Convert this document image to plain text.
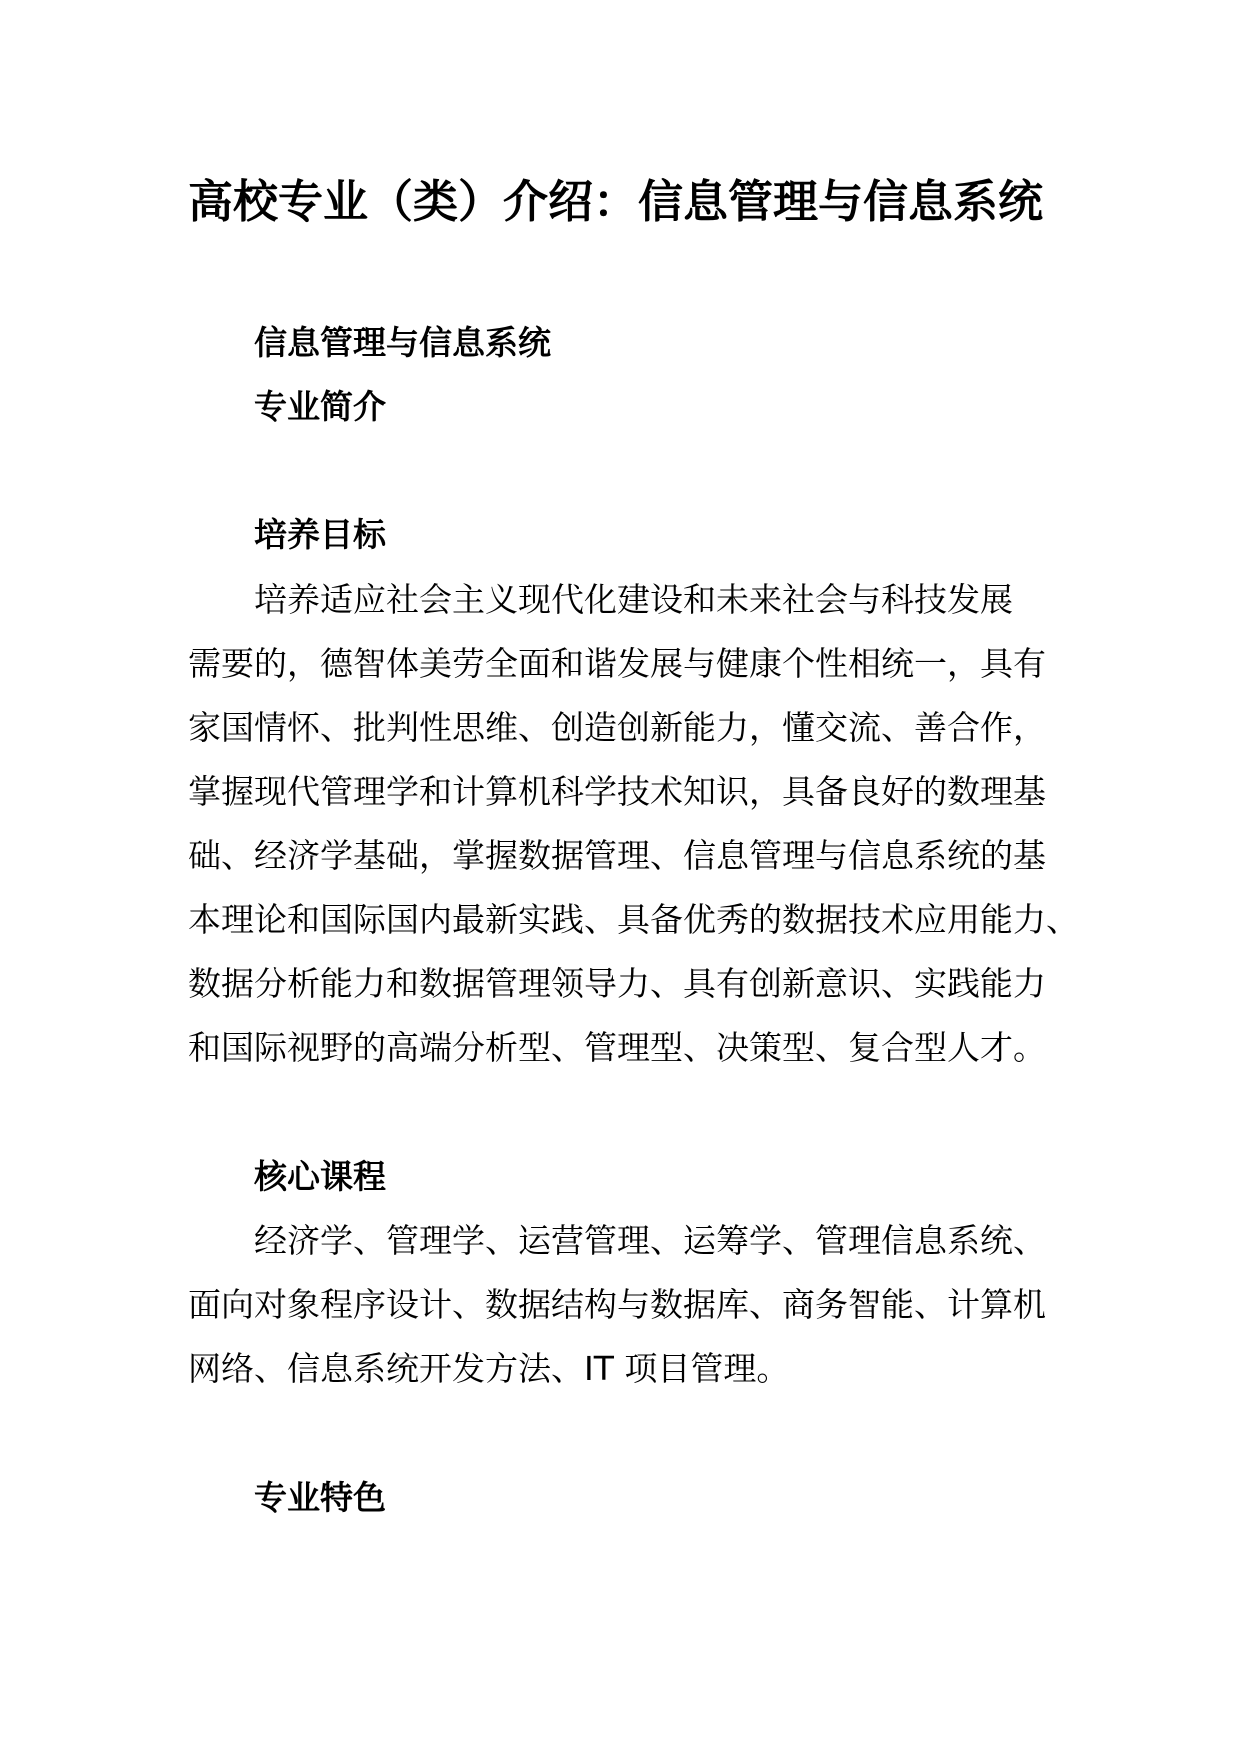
高校专业（类）介绍：信息管理与信息系统
信息管理与信息系统
专业简介
培养目标

培养适应社会主义现代化建设和未来社会与科技发展

需要的，德智体美劳全面和谐发展与健康个性相统一，具有

家国情怀、批判性思维、创造创新能力，懂交流、善合作，

掌握现代管理学和计算机科学技术知识，具备良好的数理基

础、经济学基础，掌握数据管理、信息管理与信息系统的基

本理论和国际国内最新实践、具备优秀的数据技术应用能力、

数据分析能力和数据管理领导力、具有创新意识、实践能力

和国际视野的高端分析型、管理型、决策型、复合型人才。

核心课程

经济学、管理学、运营管理、运筹学、管理信息系统、

面向对象程序设计、数据结构与数据库、商务智能、计算机

网络、信息系统开发方法、IT 项目管理。

专业特色
